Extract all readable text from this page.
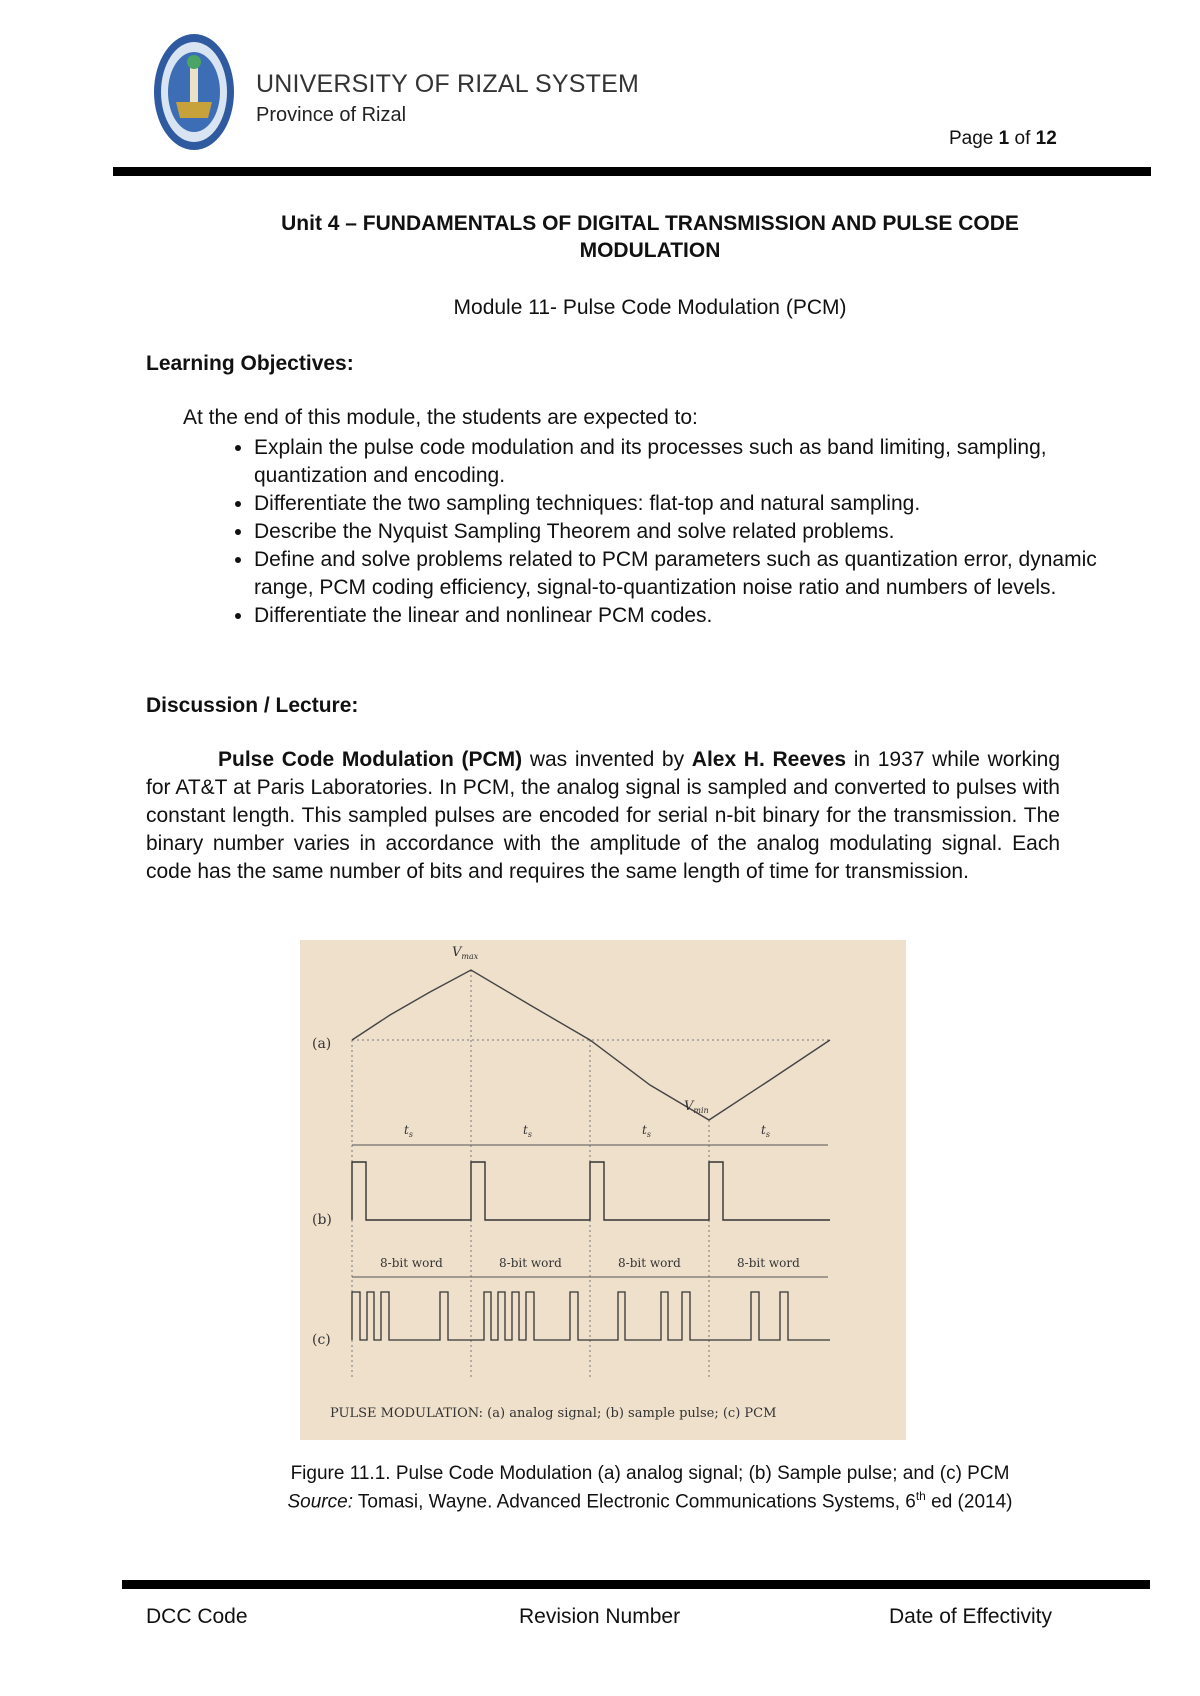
UNIVERSITY OF RIZAL SYSTEM
Province of Rizal
Page 1 of 12
Unit 4 – FUNDAMENTALS OF DIGITAL TRANSMISSION AND PULSE CODE
MODULATION
Module 11- Pulse Code Modulation (PCM)
Learning Objectives:
At the end of this module, the students are expected to:
• Explain the pulse code modulation and its processes such as band limiting, sampling, quantization and encoding.
• Differentiate the two sampling techniques: flat-top and natural sampling.
• Describe the Nyquist Sampling Theorem and solve related problems.
• Define and solve problems related to PCM parameters such as quantization error, dynamic range, PCM coding efficiency, signal-to-quantization noise ratio and numbers of levels.
• Differentiate the linear and nonlinear PCM codes.
Discussion / Lecture:
Pulse Code Modulation (PCM) was invented by Alex H. Reeves in 1937 while working for AT&T at Paris Laboratories. In PCM, the analog signal is sampled and converted to pulses with constant length. This sampled pulses are encoded for serial n-bit binary for the transmission. The binary number varies in accordance with the amplitude of the analog modulating signal. Each code has the same number of bits and requires the same length of time for transmission.
$V_{max}$
$V_{min}$
(a)
$t_s$	$t_s$	$t_s$	$t_s$
(b)
8-bit word	8-bit word	8-bit word	8-bit word
(c)
PULSE MODULATION: (a) analog signal; (b) sample pulse; (c) PCM
Figure 11.1. Pulse Code Modulation (a) analog signal; (b) Sample pulse; and (c) PCM
Source: Tomasi, Wayne. Advanced Electronic Communications Systems, 6th ed (2014)
DCC Code	Revision Number	Date of Effectivity
